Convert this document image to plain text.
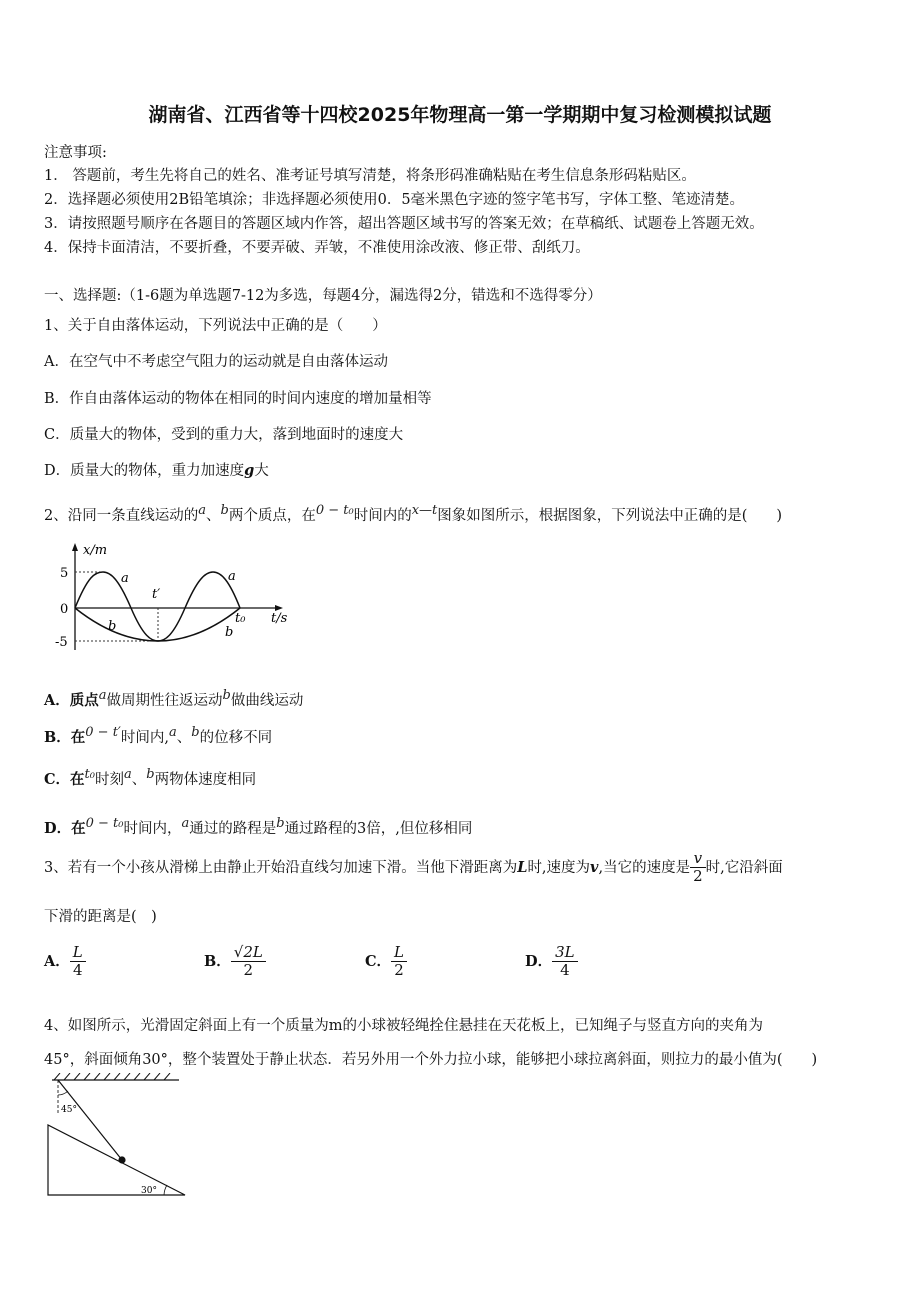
湖南省、江西省等十四校2025年物理高一第一学期期中复习检测模拟试题
注意事项:
1． 答题前，考生先将自己的姓名、准考证号填写清楚，将条形码准确粘贴在考生信息条形码粘贴区。
2．选择题必须使用2B铅笔填涂；非选择题必须使用0．5毫米黑色字迹的签字笔书写，字体工整、笔迹清楚。
3．请按照题号顺序在各题目的答题区域内作答，超出答题区域书写的答案无效；在草稿纸、试题卷上答题无效。
4．保持卡面清洁，不要折叠，不要弄破、弄皱，不准使用涂改液、修正带、刮纸刀。
一、选择题:（1-6题为单选题7-12为多选，每题4分，漏选得2分，错选和不选得零分）
1、关于自由落体运动，下列说法中正确的是（　　）
A．在空气中不考虑空气阻力的运动就是自由落体运动
B．作自由落体运动的物体在相同的时间内速度的增加量相等
C．质量大的物体，受到的重力大，落到地面时的速度大
D．质量大的物体，重力加速度g大
2、沿同一条直线运动的$^a$、$^b$两个质点，在$^{0 - t_0}$时间内的$^{x—t}$图象如图所示，根据图象，下列说法中正确的是(　　)
x/m
t/s
5
0
-5
a	a
b	b
t′
t₀
A．质点$^a$做周期性往返运动$^b$做曲线运动
B．在$^{0 - t'}$时间内,$^a$、$^b$的位移不同
C．在$^{t_0}$时刻$^a$、$^b$两物体速度相同
D．在$^{0 - t_0}$时间内，$^a$通过的路程是$^b$通过路程的3倍，,但位移相同
3、若有一个小孩从滑梯上由静止开始沿直线匀加速下滑。当他下滑距离为L时,速度为v,当它的速度是 $\frac{v}{2}$ 时,它沿斜面
下滑的距离是(　)
A． $\frac{L}{4}$	B． $\frac{√2L}{2}$	C． $\frac{L}{2}$	D． $\frac{3L}{4}$
4、如图所示，光滑固定斜面上有一个质量为m的小球被轻绳拴住悬挂在天花板上，已知绳子与竖直方向的夹角为
45°，斜面倾角30°，整个装置处于静止状态．若另外用一个外力拉小球，能够把小球拉离斜面，则拉力的最小值为(　　)
45°
30°
